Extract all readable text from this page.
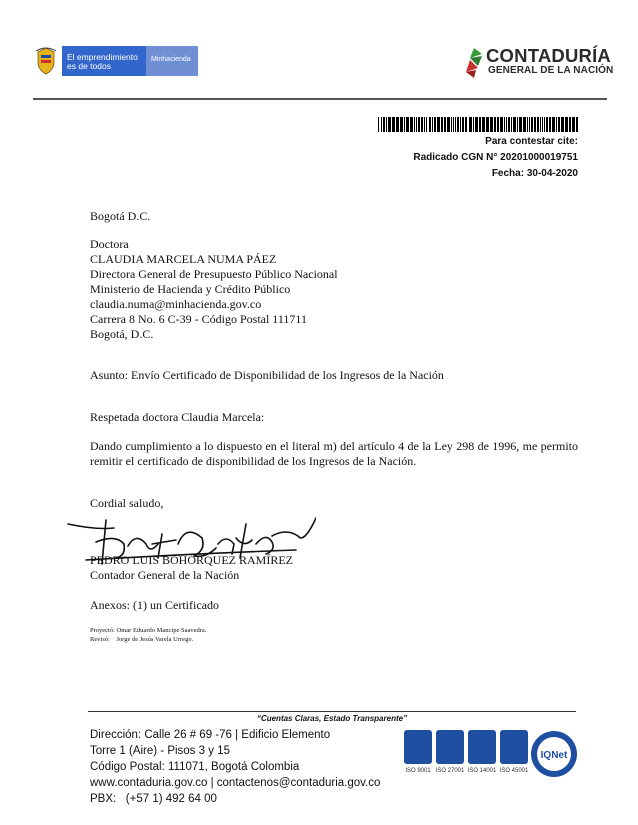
El emprendimiento
es de todos
Minhacienda	CONTADURÍA
GENERAL DE LA NACIÓN
Para contestar cite:
Radicado CGN N° 20201000019751
Fecha: 30-04-2020
Bogotá D.C.
Doctora
CLAUDIA MARCELA NUMA PÁEZ
Directora General de Presupuesto Público Nacional
Ministerio de Hacienda y Crédito Público
claudia.numa@minhacienda.gov.co
Carrera 8 No. 6 C-39 - Código Postal 111711
Bogotá, D.C.
Asunto: Envío Certificado de Disponibilidad de los Ingresos de la Nación
Respetada doctora Claudia Marcela:
Dando cumplimiento a lo dispuesto en el literal m) del artículo 4 de la Ley 298 de 1996, me permito remitir el certificado de disponibilidad de los Ingresos de la Nación.
Cordial saludo,
PEDRO LUIS BOHÓRQUEZ RAMÍREZ
Contador General de la Nación
Anexos: (1) un Certificado
Proyectó: Omar Eduardo Mancipe Saavedra.
Revisó:    Jorge de Jesús Varela Urrego.
“Cuentas Claras, Estado Transparente”
Dirección: Calle 26 # 69 -76 | Edificio Elemento
Torre 1 (Aire) - Pisos 3 y 15
Código Postal: 111071, Bogotá Colombia
www.contaduria.gov.co | contactenos@contaduria.gov.co
PBX:   (+57 1) 492 64 00
ISO 9001 ISO 27001 ISO 14001 ISO 45001
IQNet
